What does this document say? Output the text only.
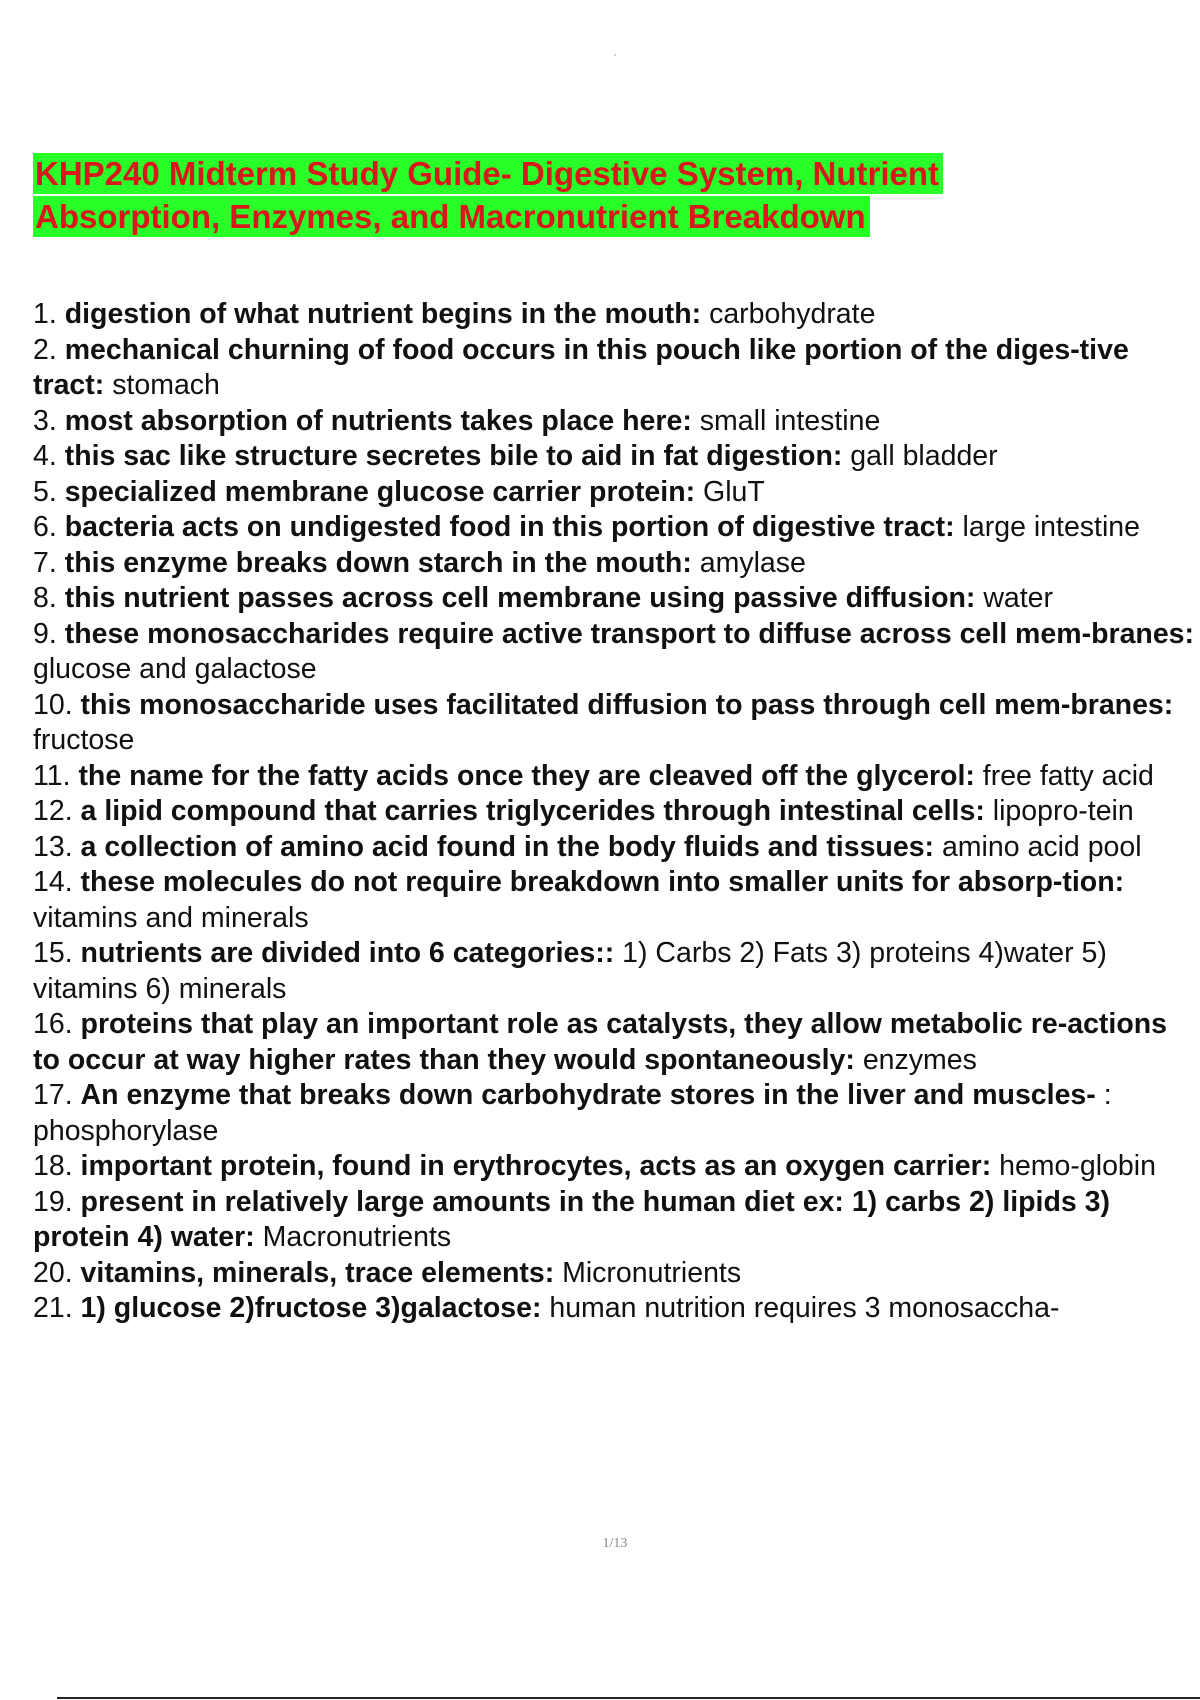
KHP240 Midterm Study Guide- Digestive System, Nutrient
Absorption, Enzymes, and Macronutrient Breakdown
1. digestion of what nutrient begins in the mouth: carbohydrate
2. mechanical churning of food occurs in this pouch like portion of the diges-tive tract: stomach
3. most absorption of nutrients takes place here: small intestine
4. this sac like structure secretes bile to aid in fat digestion: gall bladder
5. specialized membrane glucose carrier protein: GluT
6. bacteria acts on undigested food in this portion of digestive tract: large intestine
7. this enzyme breaks down starch in the mouth: amylase
8. this nutrient passes across cell membrane using passive diffusion: water
9. these monosaccharides require active transport to diffuse across cell mem-branes: glucose and galactose
10. this monosaccharide uses facilitated diffusion to pass through cell mem-branes: fructose
11. the name for the fatty acids once they are cleaved off the glycerol: free fatty acid
12. a lipid compound that carries triglycerides through intestinal cells: lipopro-tein
13. a collection of amino acid found in the body fluids and tissues: amino acid pool
14. these molecules do not require breakdown into smaller units for absorp-tion: vitamins and minerals
15. nutrients are divided into 6 categories:: 1) Carbs 2) Fats 3) proteins 4)water 5) vitamins 6) minerals
16. proteins that play an important role as catalysts, they allow metabolic re-actions to occur at way higher rates than they would spontaneously: enzymes
17. An enzyme that breaks down carbohydrate stores in the liver and muscles- : phosphorylase
18. important protein, found in erythrocytes, acts as an oxygen carrier: hemo-globin
19. present in relatively large amounts in the human diet ex: 1) carbs 2) lipids 3) protein 4) water: Macronutrients
20. vitamins, minerals, trace elements: Micronutrients
21. 1) glucose 2)fructose 3)galactose: human nutrition requires 3 monosaccha-
1/13
